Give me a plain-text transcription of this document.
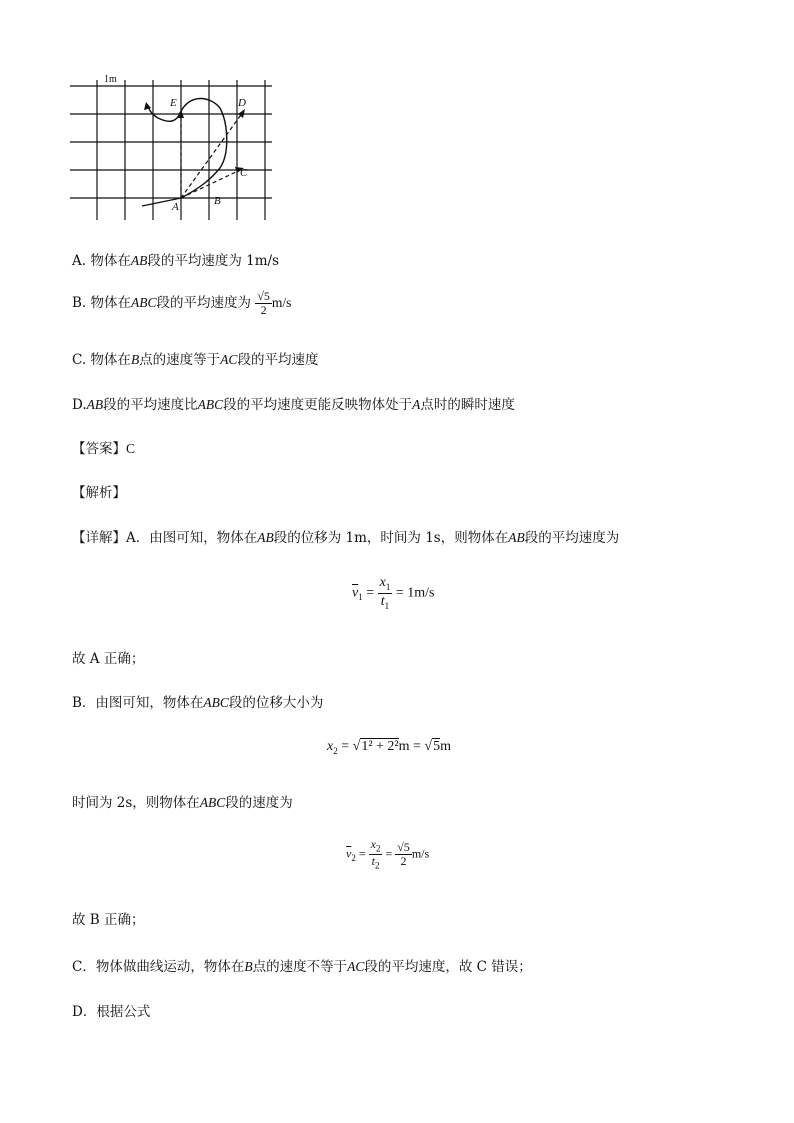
1m
A	B
C
D
E
A. 物体在AB段的平均速度为 1m/s
B. 物体在ABC段的平均速度为 $\frac{√5}{2} m/s$
C. 物体在B点的速度等于AC段的平均速度
D.AB段的平均速度比ABC段的平均速度更能反映物体处于A点时的瞬时速度
【答案】C
【解析】
【详解】A．由图可知，物体在AB段的位移为 1m，时间为 1s，则物体在AB段的平均速度为
$\overline{v}_1 = \frac{x_1}{t_1} = 1m/s$
故 A 正确；
B．由图可知，物体在ABC段的位移大小为
$x_2 = √1^2 + 2^2m = √5m$
时间为 2s，则物体在ABC段的速度为
$\overline{v}_2 = \frac{x_2}{t_2} = \frac{√5}{2} m/s$
故 B 正确；
C．物体做曲线运动，物体在B点的速度不等于AC段的平均速度，故 C 错误；
D．根据公式
